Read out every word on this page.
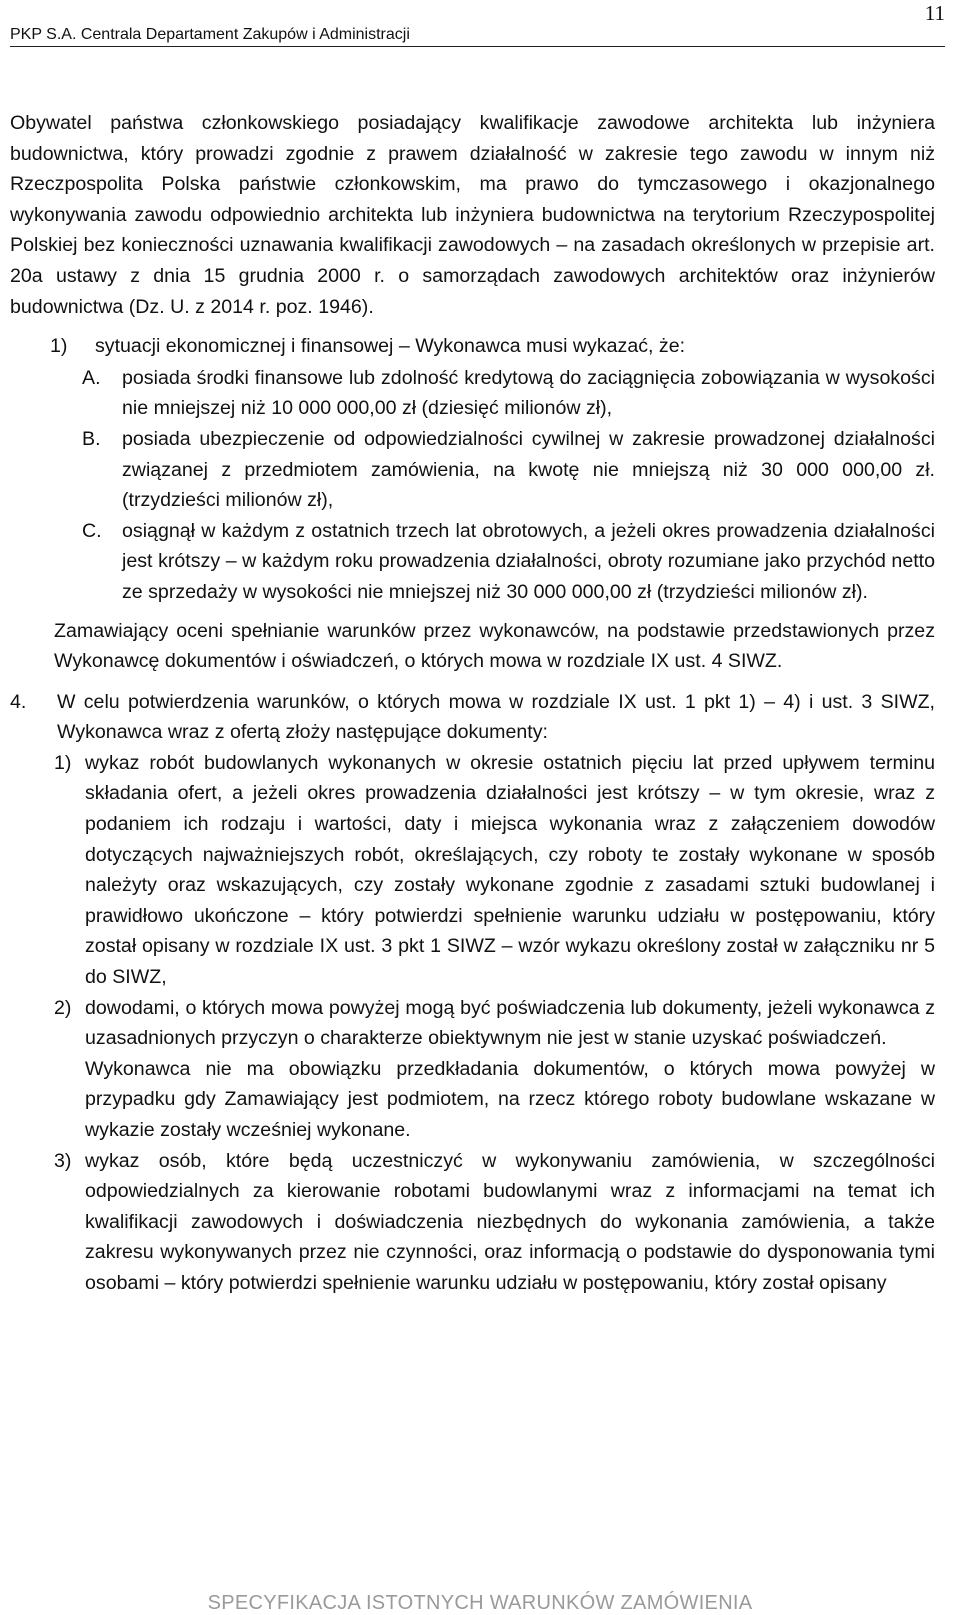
PKP S.A. Centrala Departament Zakupów i Administracji
11

Obywatel państwa członkowskiego posiadający kwalifikacje zawodowe architekta lub inżyniera budownictwa, który prowadzi zgodnie z prawem działalność w zakresie tego zawodu w innym niż Rzeczpospolita Polska państwie członkowskim, ma prawo do tymczasowego i okazjonalnego wykonywania zawodu odpowiednio architekta lub inżyniera budownictwa na terytorium Rzeczypospolitej Polskiej bez konieczności uznawania kwalifikacji zawodowych – na zasadach określonych w przepisie art. 20a ustawy z dnia 15 grudnia 2000 r. o samorządach zawodowych architektów oraz inżynierów budownictwa (Dz. U. z 2014 r. poz. 1946).

1)	sytuacji ekonomicznej i finansowej – Wykonawca musi wykazać, że:
A. posiada środki finansowe lub zdolność kredytową do zaciągnięcia zobowiązania w wysokości nie mniejszej niż 10 000 000,00 zł (dziesięć milionów zł),
B. posiada ubezpieczenie od odpowiedzialności cywilnej w zakresie prowadzonej działalności związanej z przedmiotem zamówienia, na kwotę nie mniejszą niż 30 000 000,00 zł. (trzydzieści milionów zł),
C. osiągnął w każdym z ostatnich trzech lat obrotowych, a jeżeli okres prowadzenia działalności jest krótszy – w każdym roku prowadzenia działalności, obroty rozumiane jako przychód netto ze sprzedaży w wysokości nie mniejszej niż 30 000 000,00 zł (trzydzieści milionów zł).

Zamawiający oceni spełnianie warunków przez wykonawców, na podstawie przedstawionych przez Wykonawcę dokumentów i oświadczeń, o których mowa w rozdziale IX ust. 4 SIWZ.

4. W celu potwierdzenia warunków, o których mowa w rozdziale IX ust. 1 pkt 1) – 4) i ust. 3 SIWZ, Wykonawca wraz z ofertą złoży następujące dokumenty:
1) wykaz robót budowlanych wykonanych w okresie ostatnich pięciu lat przed upływem terminu składania ofert, a jeżeli okres prowadzenia działalności jest krótszy – w tym okresie, wraz z podaniem ich rodzaju i wartości, daty i miejsca wykonania wraz z załączeniem dowodów dotyczących najważniejszych robót, określających, czy roboty te zostały wykonane w sposób należyty oraz wskazujących, czy zostały wykonane zgodnie z zasadami sztuki budowlanej i prawidłowo ukończone – który potwierdzi spełnienie warunku udziału w postępowaniu, który został opisany w rozdziale IX ust. 3 pkt 1 SIWZ – wzór wykazu określony został w załączniku nr 5 do SIWZ,
2) dowodami, o których mowa powyżej mogą być poświadczenia lub dokumenty, jeżeli wykonawca z uzasadnionych przyczyn o charakterze obiektywnym nie jest w stanie uzyskać poświadczeń.
Wykonawca nie ma obowiązku przedkładania dokumentów, o których mowa powyżej w przypadku gdy Zamawiający jest podmiotem, na rzecz którego roboty budowlane wskazane w wykazie zostały wcześniej wykonane.
3) wykaz osób, które będą uczestniczyć w wykonywaniu zamówienia, w szczególności odpowiedzialnych za kierowanie robotami budowlanymi wraz z informacjami na temat ich kwalifikacji zawodowych i doświadczenia niezbędnych do wykonania zamówienia, a także zakresu wykonywanych przez nie czynności, oraz informacją o podstawie do dysponowania tymi osobami – który potwierdzi spełnienie warunku udziału w postępowaniu, który został opisany
SPECYFIKACJA ISTOTNYCH WARUNKÓW ZAMÓWIENIA
